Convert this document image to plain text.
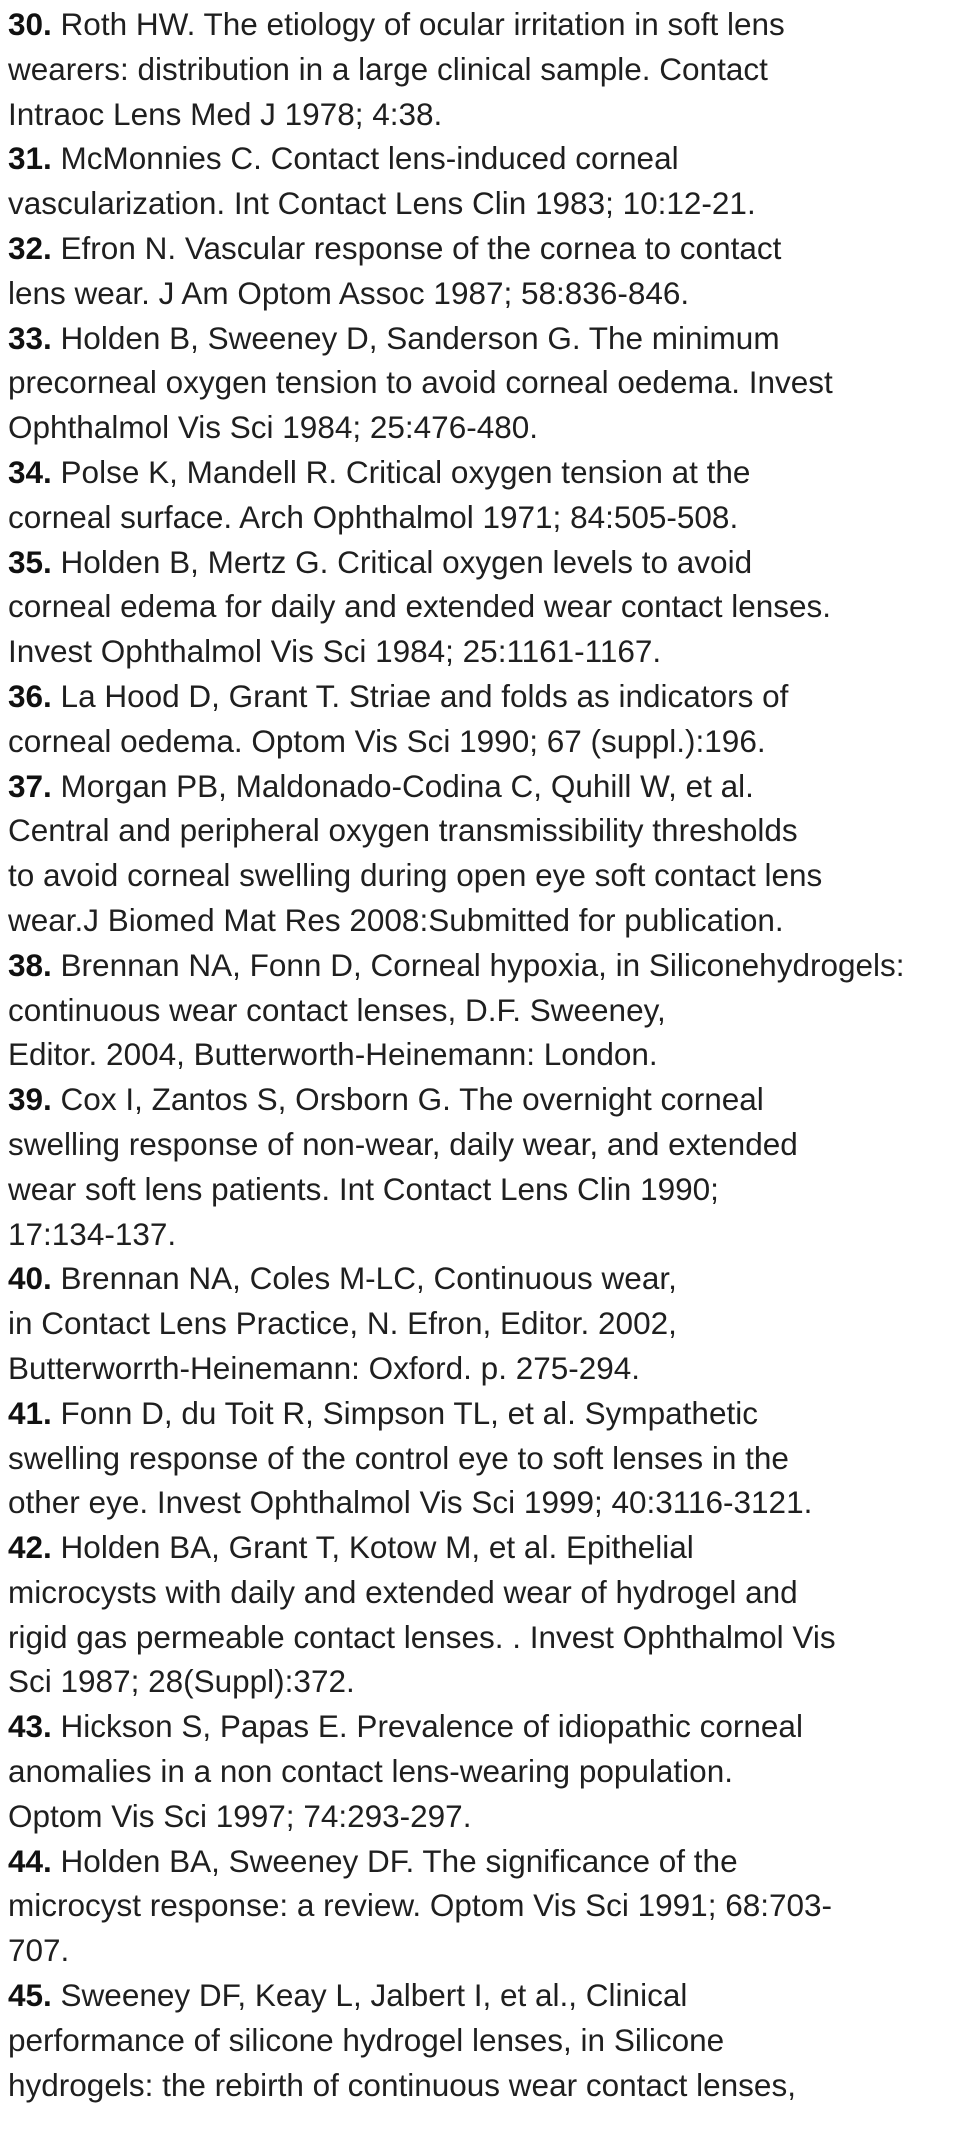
30. Roth HW. The etiology of ocular irritation in soft lens
wearers: distribution in a large clinical sample. Contact
Intraoc Lens Med J 1978; 4:38.
31. McMonnies C. Contact lens-induced corneal
vascularization. Int Contact Lens Clin 1983; 10:12-21.
32. Efron N. Vascular response of the cornea to contact
lens wear. J Am Optom Assoc 1987; 58:836-846.
33. Holden B, Sweeney D, Sanderson G. The minimum
precorneal oxygen tension to avoid corneal oedema. Invest
Ophthalmol Vis Sci 1984; 25:476-480.
34. Polse K, Mandell R. Critical oxygen tension at the
corneal surface. Arch Ophthalmol 1971; 84:505-508.
35. Holden B, Mertz G. Critical oxygen levels to avoid
corneal edema for daily and extended wear contact lenses.
Invest Ophthalmol Vis Sci 1984; 25:1161-1167.
36. La Hood D, Grant T. Striae and folds as indicators of
corneal oedema. Optom Vis Sci 1990; 67 (suppl.):196.
37. Morgan PB, Maldonado-Codina C, Quhill W, et al.
Central and peripheral oxygen transmissibility thresholds
to avoid corneal swelling during open eye soft contact lens
wear.J Biomed Mat Res 2008:Submitted for publication.
38. Brennan NA, Fonn D, Corneal hypoxia, in Siliconehydrogels:
continuous wear contact lenses, D.F. Sweeney,
Editor. 2004, Butterworth-Heinemann: London.
39. Cox I, Zantos S, Orsborn G. The overnight corneal
swelling response of non-wear, daily wear, and extended
wear soft lens patients. Int Contact Lens Clin 1990;
17:134-137.
40. Brennan NA, Coles M-LC, Continuous wear,
in Contact Lens Practice, N. Efron, Editor. 2002,
Butterworrth-Heinemann: Oxford. p. 275-294.
41. Fonn D, du Toit R, Simpson TL, et al. Sympathetic
swelling response of the control eye to soft lenses in the
other eye. Invest Ophthalmol Vis Sci 1999; 40:3116-3121.
42. Holden BA, Grant T, Kotow M, et al. Epithelial
microcysts with daily and extended wear of hydrogel and
rigid gas permeable contact lenses. . Invest Ophthalmol Vis
Sci 1987; 28(Suppl):372.
43. Hickson S, Papas E. Prevalence of idiopathic corneal
anomalies in a non contact lens-wearing population.
Optom Vis Sci 1997; 74:293-297.
44. Holden BA, Sweeney DF. The significance of the
microcyst response: a review. Optom Vis Sci 1991; 68:703-
707.
45. Sweeney DF, Keay L, Jalbert I, et al., Clinical
performance of silicone hydrogel lenses, in Silicone
hydrogels: the rebirth of continuous wear contact lenses,
